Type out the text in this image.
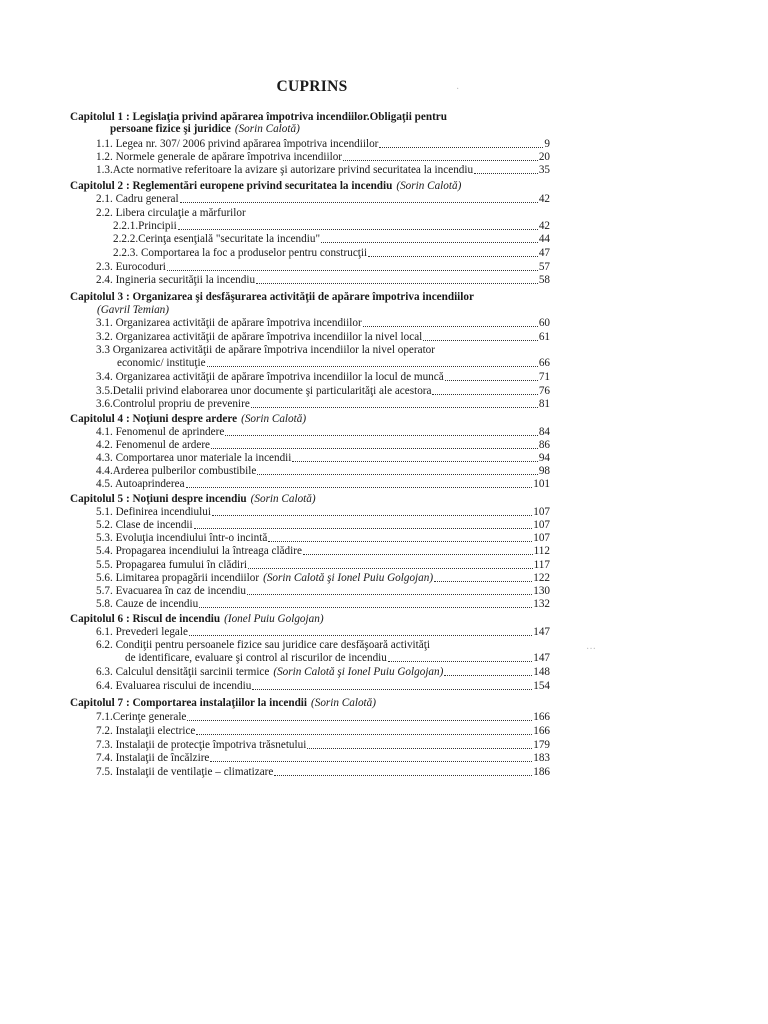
CUPRINS
Capitolul 1 : Legislaţia privind apărarea împotriva incendiilor.Obligaţii pentru
persoane fizice şi juridice (Sorin Calotă)
1.1. Legea nr. 307/ 2006 privind apărarea împotriva incendiilor	9
1.2. Normele generale de apărare împotriva incendiilor	20
1.3.Acte normative referitoare la avizare şi autorizare privind securitatea la incendiu	35
Capitolul 2 : Reglementări europene privind securitatea la incendiu (Sorin Calotă)
2.1. Cadru general	42
2.2. Libera circulaţie a mărfurilor
2.2.1.Principii	42
2.2.2.Cerinţa esenţială "securitate la incendiu"	44
2.2.3. Comportarea la foc a produselor pentru construcţii	47
2.3. Eurocoduri	57
2.4. Ingineria securităţii la incendiu	58
Capitolul 3 : Organizarea şi desfăşurarea activităţii de apărare împotriva incendiilor
(Gavril Temian)
3.1. Organizarea activităţii de apărare împotriva incendiilor	60
3.2. Organizarea activităţii de apărare împotriva incendiilor la nivel local	61
3.3 Organizarea activităţii de apărare împotriva incendiilor la nivel operator
economic/ instituţie	66
3.4. Organizarea activităţii de apărare împotriva incendiilor la locul de muncă	71
3.5.Detalii privind elaborarea unor documente şi particularităţi ale acestora	76
3.6.Controlul propriu de prevenire	81
Capitolul 4 : Noţiuni despre ardere (Sorin Calotă)
4.1. Fenomenul de aprindere	84
4.2. Fenomenul de ardere	86
4.3. Comportarea unor materiale la incendii	94
4.4.Arderea pulberilor combustibile	98
4.5. Autoaprinderea	101
Capitolul 5 : Noţiuni despre incendiu (Sorin Calotă)
5.1. Definirea incendiului	107
5.2. Clase de incendii	107
5.3. Evoluţia incendiului într-o incintă	107
5.4. Propagarea incendiului la întreaga clădire	112
5.5. Propagarea fumului în clădiri	117
5.6. Limitarea propagării incendiilor (Sorin Calotă şi Ionel Puiu Golgojan)	122
5.7. Evacuarea în caz de incendiu	130
5.8. Cauze de incendiu	132
Capitolul 6 : Riscul de incendiu (Ionel Puiu Golgojan)
6.1. Prevederi legale	147
6.2. Condiţii pentru persoanele fizice sau juridice care desfăşoară activităţi
de identificare, evaluare şi control al riscurilor de incendiu	147
6.3. Calculul densităţii sarcinii termice (Sorin Calotă şi Ionel Puiu Golgojan)	148
6.4. Evaluarea riscului de incendiu	154
Capitolul 7 : Comportarea instalaţiilor la incendii (Sorin Calotă)
7.1.Cerinţe generale	166
7.2. Instalaţii electrice	166
7.3. Instalaţii de protecţie împotriva trăsnetului	179
7.4. Instalaţii de încălzire	183
7.5. Instalaţii de ventilaţie – climatizare	186
·
···
